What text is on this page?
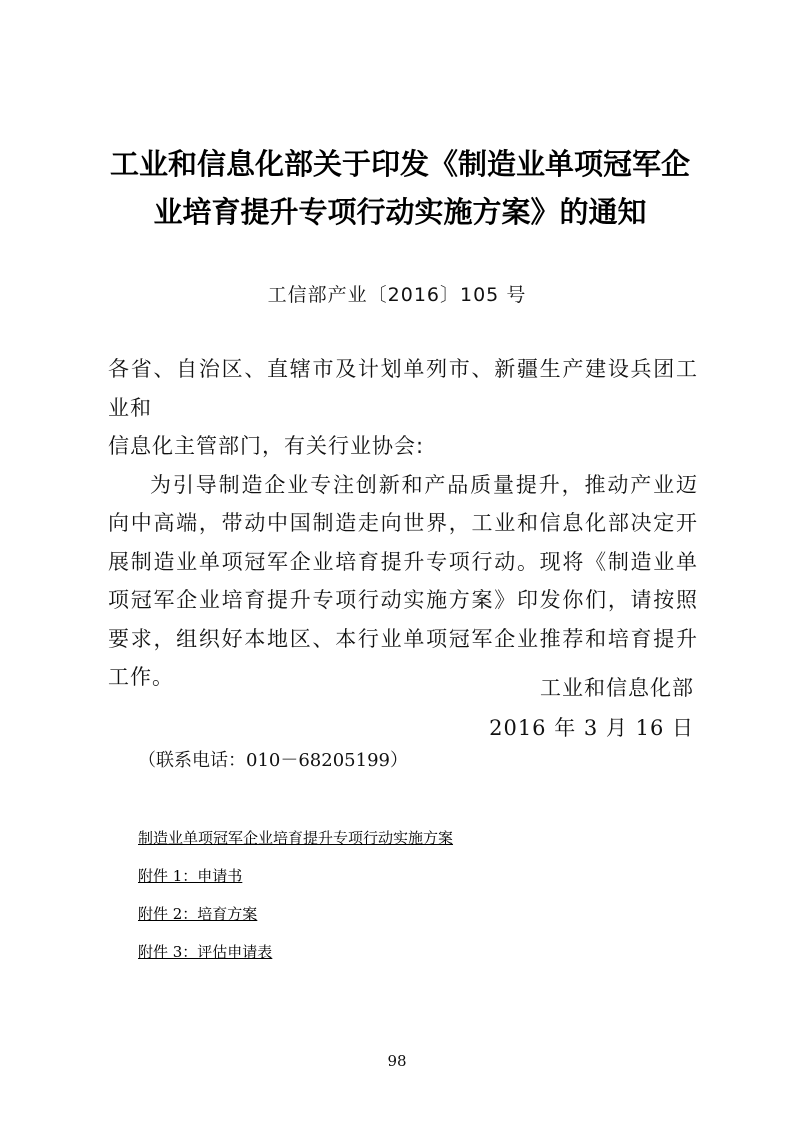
工业和信息化部关于印发《制造业单项冠军企
业培育提升专项行动实施方案》的通知
工信部产业〔2016〕105 号

各省、自治区、直辖市及计划单列市、新疆生产建设兵团工业和

信息化主管部门，有关行业协会:

为引导制造企业专注创新和产品质量提升，推动产业迈向中高端，带动中国制造走向世界，工业和信息化部决定开展制造业单项冠军企业培育提升专项行动。现将《制造业单项冠军企业培育提升专项行动实施方案》印发你们，请按照要求，组织好本地区、本行业单项冠军企业推荐和培育提升工作。	工业和信息化部
2016 年 3 月 16 日
（联系电话：010－68205199）
制造业单项冠军企业培育提升专项行动实施方案
附件 1：申请书
附件 2：培育方案
附件 3：评估申请表
98
